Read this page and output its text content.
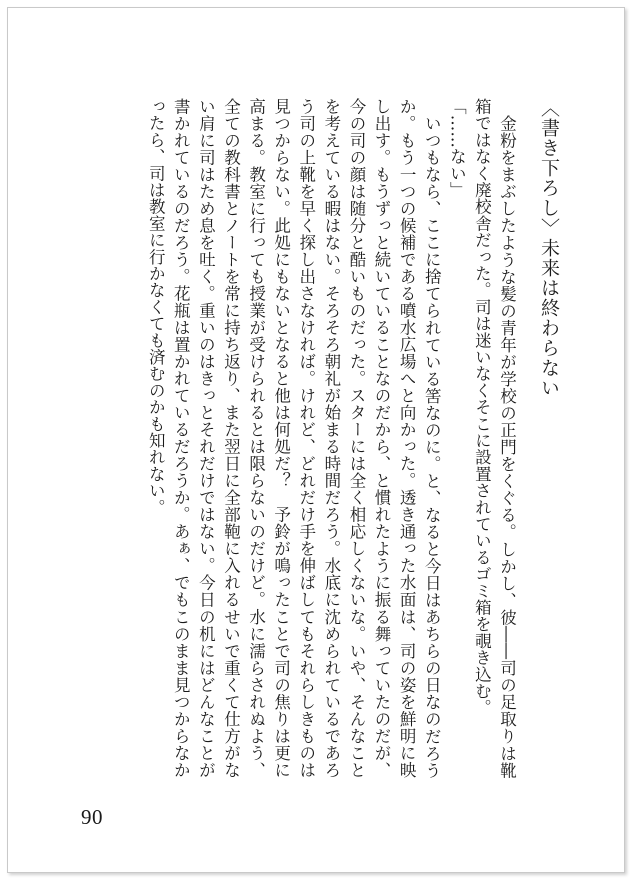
〈書き下ろし〉未来は終わらない

金粉をまぶしたような髪の青年が学校の正門をくぐる。しかし、彼――司の足取りは靴箱ではなく廃校舎だった。司は迷いなくそこに設置されているゴミ箱を覗き込む。

「……ない」

いつもなら、ここに捨てられている筈なのに。と、なると今日はあちらの日なのだろうか。もう一つの候補である噴水広場へと向かった。透き通った水面は、司の姿を鮮明に映し出す。もうずっと続いていることなのだから、と慣れたように振る舞っていたのだが、今の司の顔は随分と酷いものだった。スターには全く相応しくないな。いや、そんなことを考えている暇はない。そろそろ朝礼が始まる時間だろう。水底に沈められているであろう司の上靴を早く探し出さなければ。けれど、どれだけ手を伸ばしてもそれらしきものは見つからない。此処にもないとなると他は何処だ？　予鈴が鳴ったことで司の焦りは更に高まる。教室に行っても授業が受けられるとは限らないのだけど。水に濡らされぬよう、全ての教科書とノートを常に持ち返り、また翌日に全部鞄に入れるせいで重くて仕方がない肩に司はため息を吐く。重いのはきっとそれだけではない。今日の机にはどんなことが書かれているのだろう。花瓶は置かれているだろうか。あぁ、でもこのまま見つからなかったら、司は教室に行かなくても済むのかも知れない。

90
